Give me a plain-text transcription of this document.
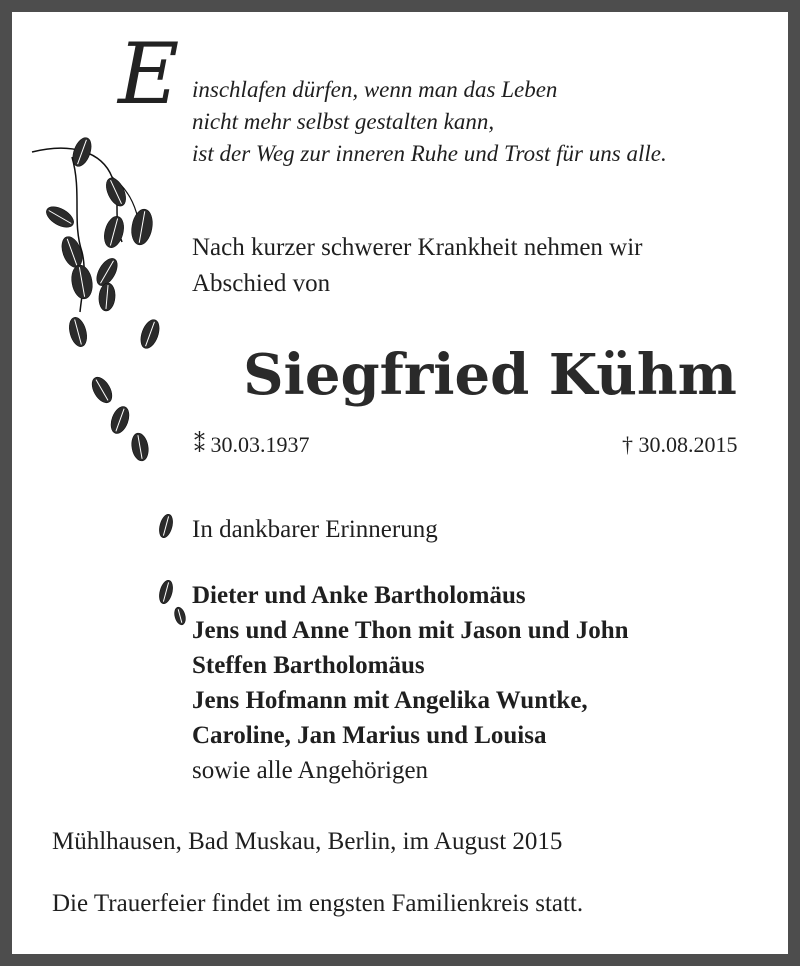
E inschlafen dürfen, wenn man das Leben
nicht mehr selbst gestalten kann,
ist der Weg zur inneren Ruhe und Trost für uns alle.
Nach kurzer schwerer Krankheit nehmen wir
Abschied von
Siegfried Kühm
⁑ 30.03.1937	† 30.08.2015
In dankbarer Erinnerung
Dieter und Anke Bartholomäus
Jens und Anne Thon mit Jason und John
Steffen Bartholomäus
Jens Hofmann mit Angelika Wuntke,
Caroline, Jan Marius und Louisa
sowie alle Angehörigen
Mühlhausen, Bad Muskau, Berlin, im August 2015
Die Trauerfeier findet im engsten Familienkreis statt.
